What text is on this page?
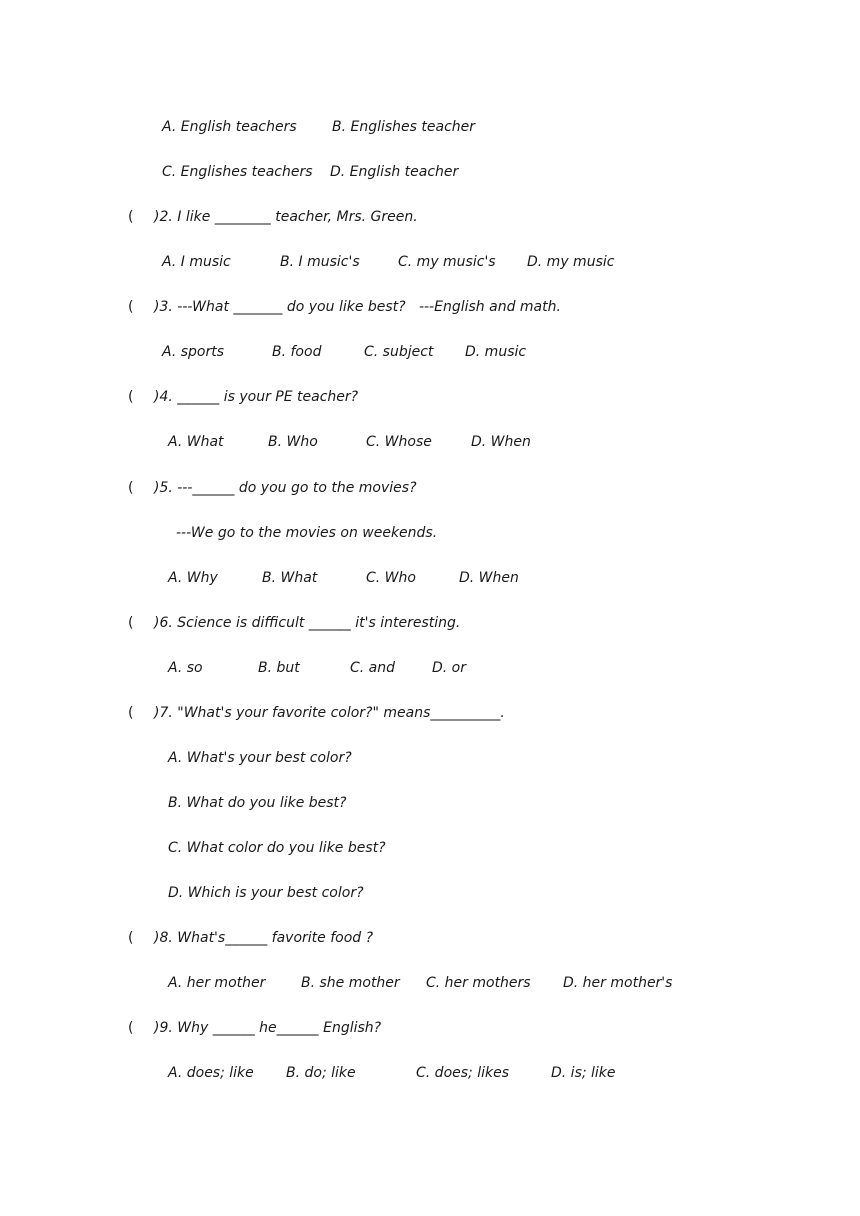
A. English teachers	B. Englishes teacher
C. Englishes teachers D. English teacher
( )2. I like ________ teacher, Mrs. Green.
A. I music	B. I music's	C. my music's D. my music
( )3. ---What _______ do you like best?   ---English and math.
A. sports	B. food	C. subject D. music
( )4. ______ is your PE teacher?
A. What	B. Who	C. Whose	D. When
( )5. ---______ do you go to the movies?
---We go to the movies on weekends.
A. Why	B. What	C. Who	D. When
( )6. Science is difficult ______ it's interesting.
A. so	B. but	C. and	D. or
( )7. "What's your favorite color?" means__________.
A. What's your best color?
B. What do you like best?
C. What color do you like best?
D. Which is your best color?
( )8. What's______ favorite food ?
A. her mother	B. she mother C. her mothers D. her mother's
( )9. Why ______ he______ English?
A. does; like B. do; like	C. does; likes	D. is; like
